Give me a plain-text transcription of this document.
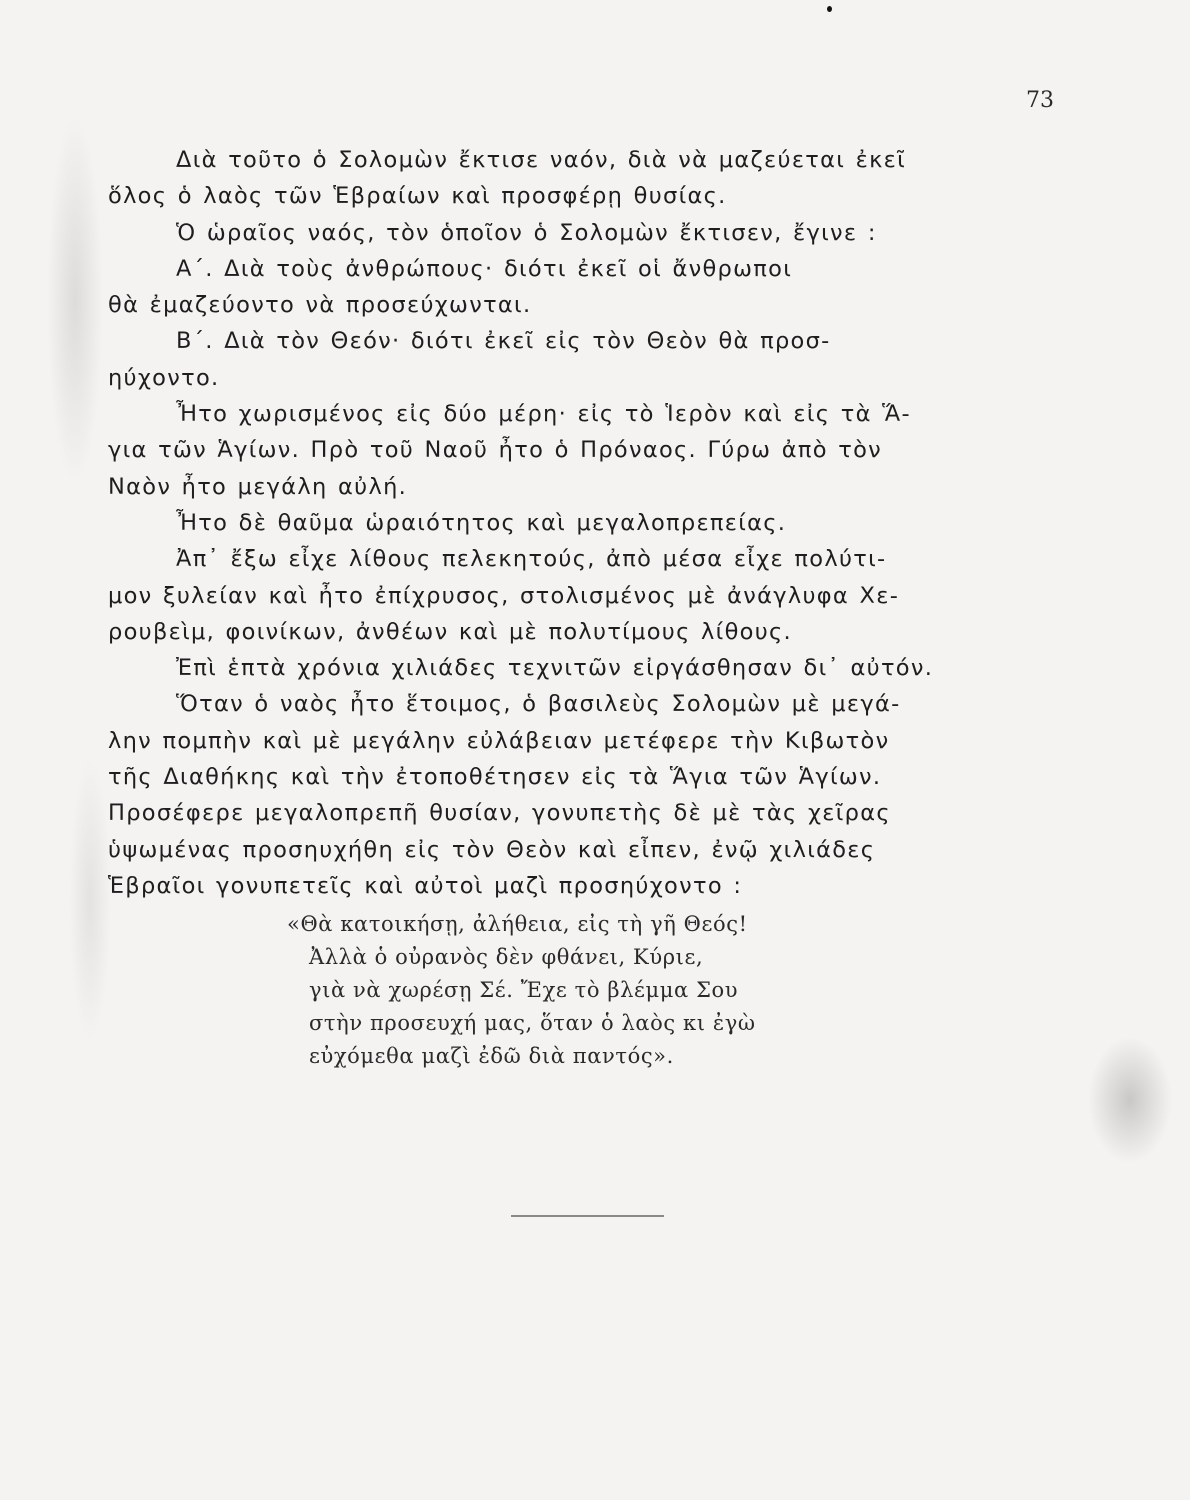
73
Διὰ τοῦτο ὁ Σολομὼν ἔκτισε ναόν, διὰ νὰ μαζεύεται ἐκεῖ
ὅλος ὁ λαὸς τῶν Ἑβραίων καὶ προσφέρῃ θυσίας.
Ὁ ὡραῖος ναός, τὸν ὁποῖον ὁ Σολομὼν ἔκτισεν, ἔγινε :
Α΄. Διὰ τοὺς ἀνθρώπους· διότι ἐκεῖ οἱ ἄνθρωποι
θὰ ἐμαζεύοντο νὰ προσεύχωνται.
Β΄. Διὰ τὸν Θεόν· διότι ἐκεῖ εἰς τὸν Θεὸν θὰ προσ-
ηύχοντο.
Ἦτο χωρισμένος εἰς δύο μέρη· εἰς τὸ Ἱερὸν καὶ εἰς τὰ Ἅ-
για τῶν Ἁγίων. Πρὸ τοῦ Ναοῦ ἦτο ὁ Πρόναος. Γύρω ἀπὸ τὸν
Ναὸν ἦτο μεγάλη αὐλή.
Ἦτο δὲ θαῦμα ὡραιότητος καὶ μεγαλοπρεπείας.
Ἀπ᾽ ἔξω εἶχε λίθους πελεκητούς, ἀπὸ μέσα εἶχε πολύτι-
μον ξυλείαν καὶ ἦτο ἐπίχρυσος, στολισμένος μὲ ἀνάγλυφα Χε-
ρουβεὶμ, φοινίκων, ἀνθέων καὶ μὲ πολυτίμους λίθους.
Ἐπὶ ἑπτὰ χρόνια χιλιάδες τεχνιτῶν εἰργάσθησαν δι᾽ αὐτόν.
Ὅταν ὁ ναὸς ἦτο ἕτοιμος, ὁ βασιλεὺς Σολομὼν μὲ μεγά-
λην πομπὴν καὶ μὲ μεγάλην εὐλάβειαν μετέφερε τὴν Κιβωτὸν
τῆς Διαθήκης καὶ τὴν ἐτοποθέτησεν εἰς τὰ Ἅγια τῶν Ἁγίων.
Προσέφερε μεγαλοπρεπῆ θυσίαν, γονυπετὴς δὲ μὲ τὰς χεῖρας
ὑψωμένας προσηυχήθη εἰς τὸν Θεὸν καὶ εἶπεν, ἐνῷ χιλιάδες
Ἑβραῖοι γονυπετεῖς καὶ αὐτοὶ μαζὶ προσηύχοντο :
«Θὰ κατοικήσῃ, ἀλήθεια, εἰς τὴ γῆ Θεός!
Ἀλλὰ ὁ οὐρανὸς δὲν φθάνει, Κύριε,
γιὰ νὰ χωρέσῃ Σέ. Ἔχε τὸ βλέμμα Σου
στὴν προσευχή μας, ὅταν ὁ λαὸς κι ἐγὼ
εὐχόμεθα μαζὶ ἐδῶ διὰ παντός».
